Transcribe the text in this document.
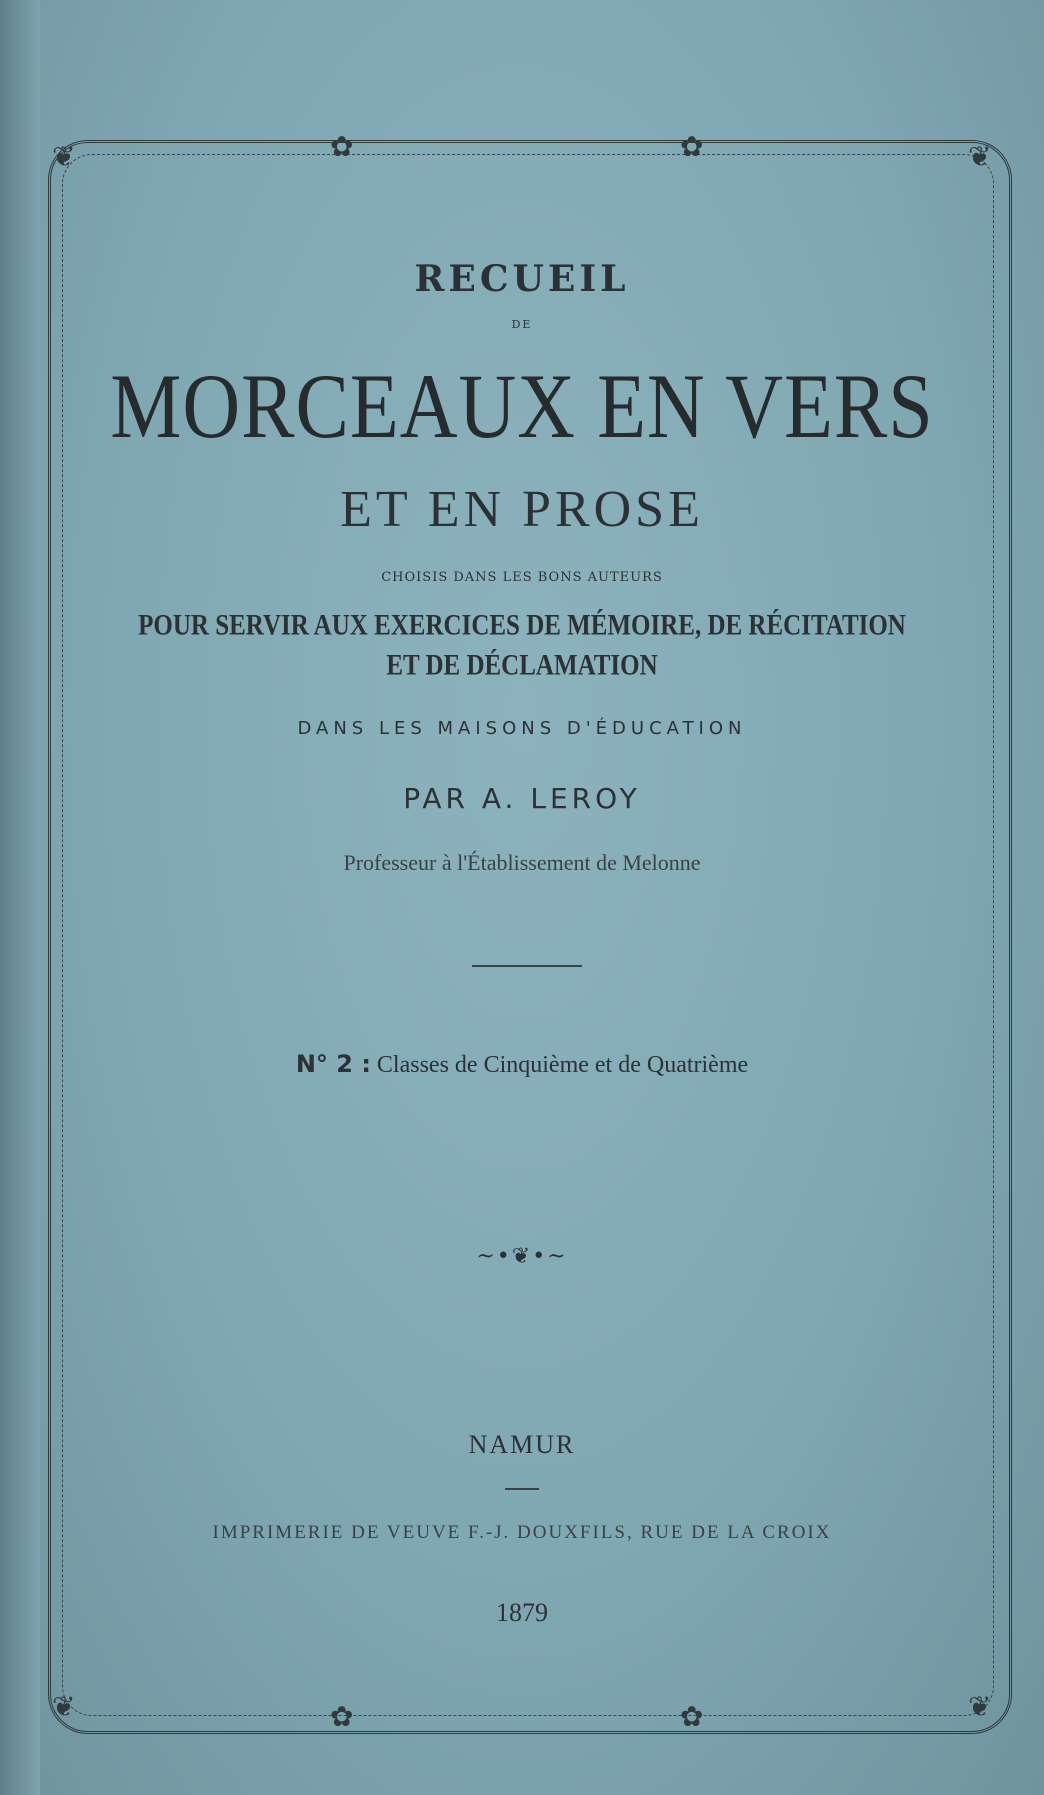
❦	❦
❦	❦
✿	✿
✿	✿
RECUEIL
DE
MORCEAUX EN VERS
ET EN PROSE
CHOISIS DANS LES BONS AUTEURS
POUR SERVIR AUX EXERCICES DE MÉMOIRE, DE RÉCITATION
ET DE DÉCLAMATION
DANS LES MAISONS D'ÉDUCATION
PAR A. LEROY
Professeur à l'Établissement de Melonne
N° 2 : Classes de Cinquième et de Quatrième
~•❦•~
NAMUR
IMPRIMERIE DE VEUVE F.-J. DOUXFILS, RUE DE LA CROIX
1879
